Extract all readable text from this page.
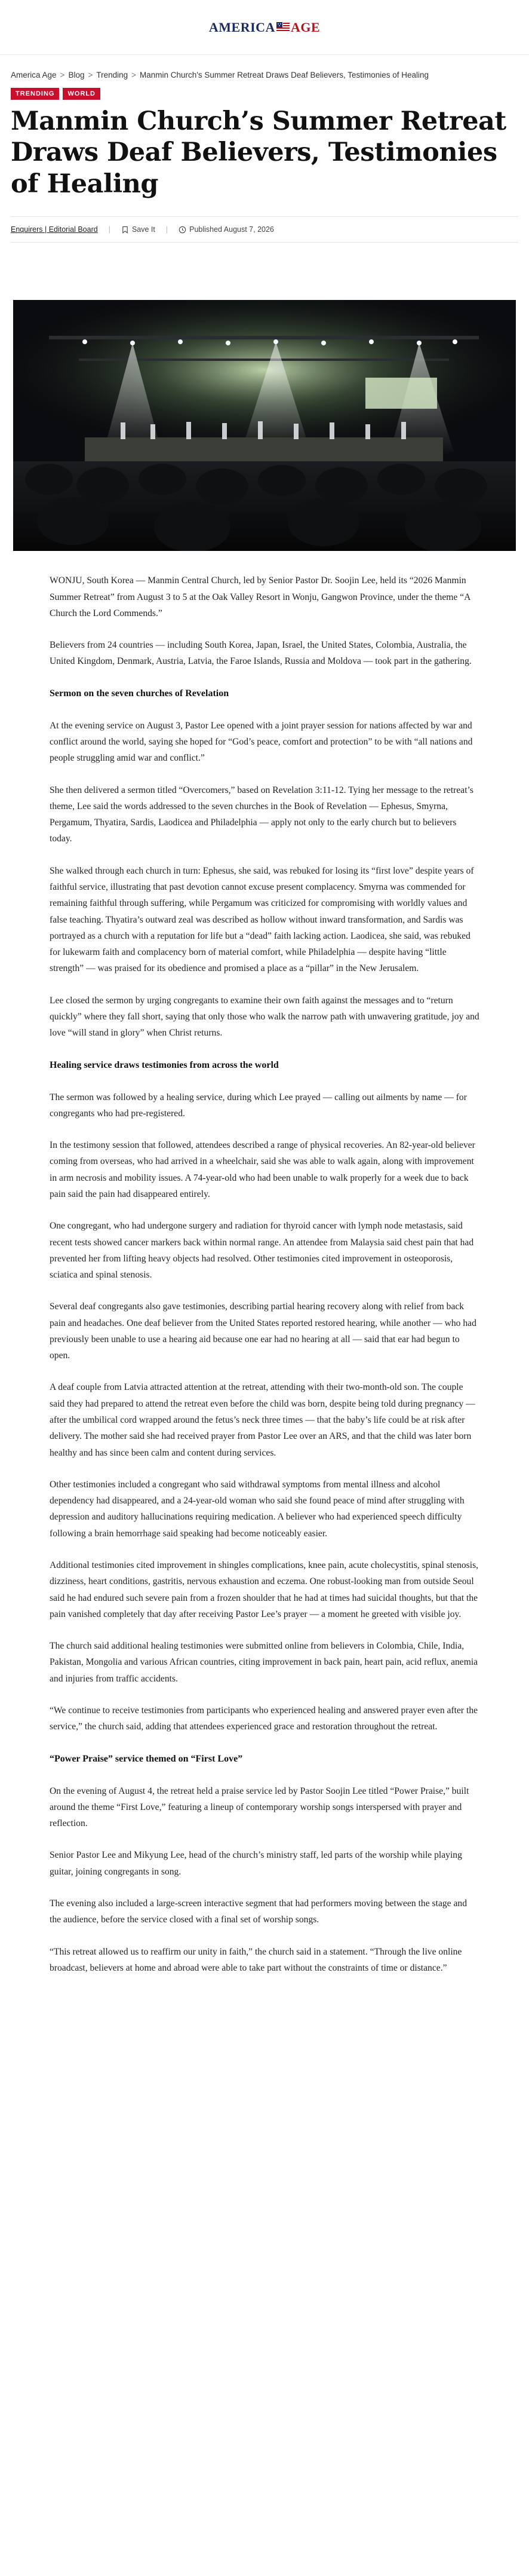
AMERICA AGE
America Age > Blog > Trending > Manmin Church's Summer Retreat Draws Deaf Believers, Testimonies of Healing
TRENDING	WORLD
Manmin Church’s Summer Retreat Draws Deaf Believers, Testimonies of Healing
Enquirers | Editorial Board |	Save It |	Published August 7, 2026

WONJU, South Korea — Manmin Central Church, led by Senior Pastor Dr. Soojin Lee, held its “2026 Manmin Summer Retreat” from August 3 to 5 at the Oak Valley Resort in Wonju, Gangwon Province, under the theme “A Church the Lord Commends.”

Believers from 24 countries — including South Korea, Japan, Israel, the United States, Colombia, Australia, the United Kingdom, Denmark, Austria, Latvia, the Faroe Islands, Russia and Moldova — took part in the gathering.

Sermon on the seven churches of Revelation

At the evening service on August 3, Pastor Lee opened with a joint prayer session for nations affected by war and conflict around the world, saying she hoped for “God’s peace, comfort and protection” to be with “all nations and people struggling amid war and conflict.”

She then delivered a sermon titled “Overcomers,” based on Revelation 3:11-12. Tying her message to the retreat’s theme, Lee said the words addressed to the seven churches in the Book of Revelation — Ephesus, Smyrna, Pergamum, Thyatira, Sardis, Laodicea and Philadelphia — apply not only to the early church but to believers today.

She walked through each church in turn: Ephesus, she said, was rebuked for losing its “first love” despite years of faithful service, illustrating that past devotion cannot excuse present complacency. Smyrna was commended for remaining faithful through suffering, while Pergamum was criticized for compromising with worldly values and false teaching. Thyatira’s outward zeal was described as hollow without inward transformation, and Sardis was portrayed as a church with a reputation for life but a “dead” faith lacking action. Laodicea, she said, was rebuked for lukewarm faith and complacency born of material comfort, while Philadelphia — despite having “little strength” — was praised for its obedience and promised a place as a “pillar” in the New Jerusalem.

Lee closed the sermon by urging congregants to examine their own faith against the messages and to “return quickly” where they fall short, saying that only those who walk the narrow path with unwavering gratitude, joy and love “will stand in glory” when Christ returns.

Healing service draws testimonies from across the world

The sermon was followed by a healing service, during which Lee prayed — calling out ailments by name — for congregants who had pre-registered.

In the testimony session that followed, attendees described a range of physical recoveries. An 82-year-old believer coming from overseas, who had arrived in a wheelchair, said she was able to walk again, along with improvement in arm necrosis and mobility issues. A 74-year-old who had been unable to walk properly for a week due to back pain said the pain had disappeared entirely.

One congregant, who had undergone surgery and radiation for thyroid cancer with lymph node metastasis, said recent tests showed cancer markers back within normal range. An attendee from Malaysia said chest pain that had prevented her from lifting heavy objects had resolved. Other testimonies cited improvement in osteoporosis, sciatica and spinal stenosis.

Several deaf congregants also gave testimonies, describing partial hearing recovery along with relief from back pain and headaches. One deaf believer from the United States reported restored hearing, while another — who had previously been unable to use a hearing aid because one ear had no hearing at all — said that ear had begun to open.

A deaf couple from Latvia attracted attention at the retreat, attending with their two-month-old son. The couple said they had prepared to attend the retreat even before the child was born, despite being told during pregnancy — after the umbilical cord wrapped around the fetus’s neck three times — that the baby’s life could be at risk after delivery. The mother said she had received prayer from Pastor Lee over an ARS, and that the child was later born healthy and has since been calm and content during services.

Other testimonies included a congregant who said withdrawal symptoms from mental illness and alcohol dependency had disappeared, and a 24-year-old woman who said she found peace of mind after struggling with depression and auditory hallucinations requiring medication. A believer who had experienced speech difficulty following a brain hemorrhage said speaking had become noticeably easier.

Additional testimonies cited improvement in shingles complications, knee pain, acute cholecystitis, spinal stenosis, dizziness, heart conditions, gastritis, nervous exhaustion and eczema. One robust-looking man from outside Seoul said he had endured such severe pain from a frozen shoulder that he had at times had suicidal thoughts, but that the pain vanished completely that day after receiving Pastor Lee’s prayer — a moment he greeted with visible joy.

The church said additional healing testimonies were submitted online from believers in Colombia, Chile, India, Pakistan, Mongolia and various African countries, citing improvement in back pain, heart pain, acid reflux, anemia and injuries from traffic accidents.

“We continue to receive testimonies from participants who experienced healing and answered prayer even after the service,” the church said, adding that attendees experienced grace and restoration throughout the retreat.

“Power Praise” service themed on “First Love”

On the evening of August 4, the retreat held a praise service led by Pastor Soojin Lee titled “Power Praise,” built around the theme “First Love,” featuring a lineup of contemporary worship songs interspersed with prayer and reflection.

Senior Pastor Lee and Mikyung Lee, head of the church’s ministry staff, led parts of the worship while playing guitar, joining congregants in song.

The evening also included a large-screen interactive segment that had performers moving between the stage and the audience, before the service closed with a final set of worship songs.

“This retreat allowed us to reaffirm our unity in faith,” the church said in a statement. “Through the live online broadcast, believers at home and abroad were able to take part without the constraints of time or distance.”
